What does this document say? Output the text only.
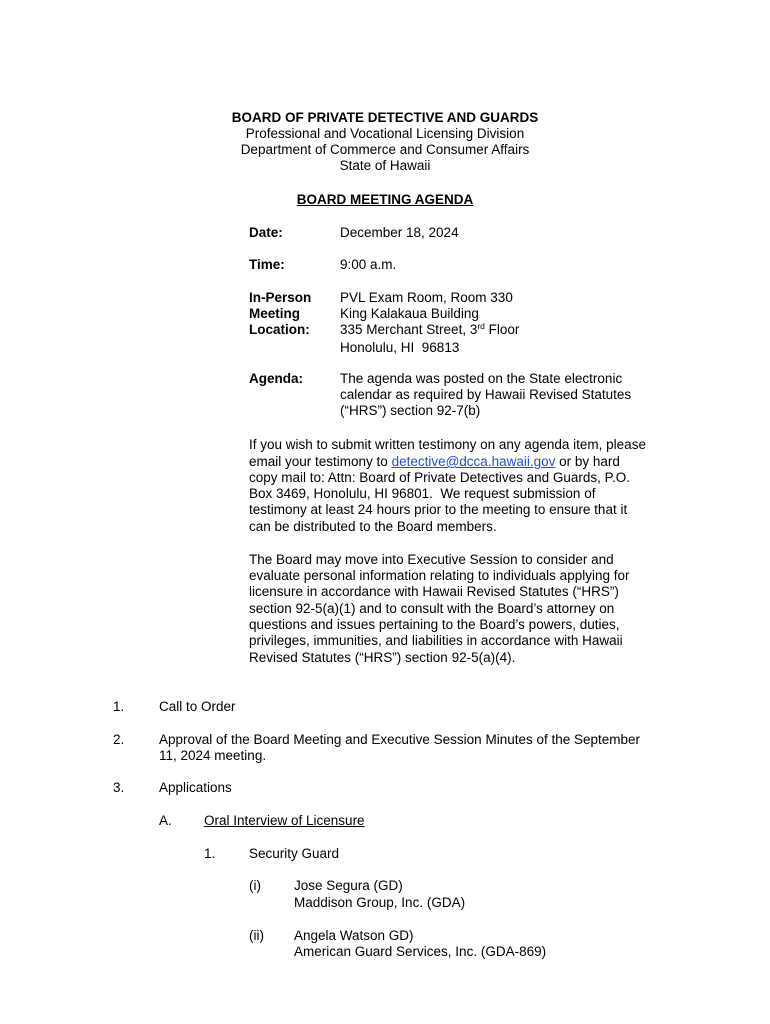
BOARD OF PRIVATE DETECTIVE AND GUARDS
Professional and Vocational Licensing Division
Department of Commerce and Consumer Affairs
State of Hawaii
BOARD MEETING AGENDA
Date:	December 18, 2024
Time:	9:00 a.m.
In-Person
Meeting
Location:
PVL Exam Room, Room 330
King Kalakaua Building
335 Merchant Street, 3rd Floor
Honolulu, HI  96813
Agenda:	The agenda was posted on the State electronic
calendar as required by Hawaii Revised Statutes
(“HRS”) section 92-7(b)
If you wish to submit written testimony on any agenda item, please
email your testimony to detective@dcca.hawaii.gov or by hard
copy mail to: Attn: Board of Private Detectives and Guards, P.O.
Box 3469, Honolulu, HI 96801.  We request submission of
testimony at least 24 hours prior to the meeting to ensure that it
can be distributed to the Board members.
The Board may move into Executive Session to consider and
evaluate personal information relating to individuals applying for
licensure in accordance with Hawaii Revised Statutes (“HRS”)
section 92-5(a)(1) and to consult with the Board’s attorney on
questions and issues pertaining to the Board’s powers, duties,
privileges, immunities, and liabilities in accordance with Hawaii
Revised Statutes (“HRS”) section 92-5(a)(4).
1.	Call to Order
2.	Approval of the Board Meeting and Executive Session Minutes of the September
11, 2024 meeting.
3.	Applications
A. Oral Interview of Licensure
1. Security Guard
(i) Jose Segura (GD)
Maddison Group, Inc. (GDA)
(ii) Angela Watson GD)
American Guard Services, Inc. (GDA-869)
